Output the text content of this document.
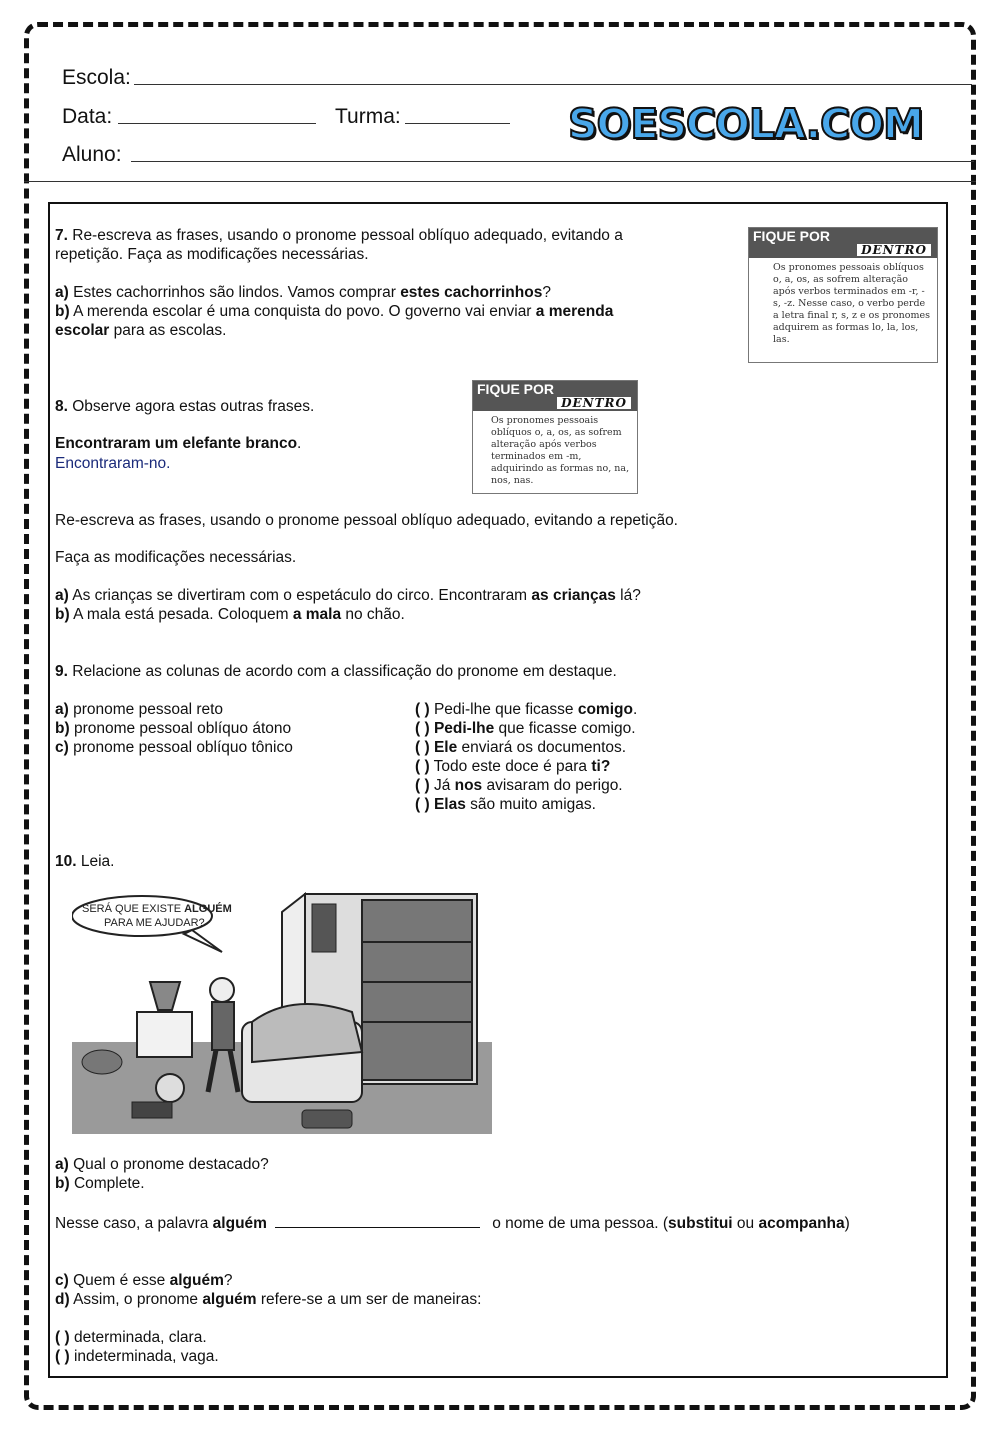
Escola:
Data:	Turma:	SOESCOLA.COM
Aluno:
7. Re-escreva as frases, usando o pronome pessoal oblíquo adequado, evitando a
repetição. Faça as modificações necessárias.
a) Estes cachorrinhos são lindos. Vamos comprar estes cachorrinhos?
b) A merenda escolar é uma conquista do povo. O governo vai enviar a merenda
escolar para as escolas.
FIQUE POR
DENTRO
Os pronomes pessoais oblíquos o, a, os, as sofrem alteração após verbos terminados em -r, -s, -z. Nesse caso, o verbo perde a letra final r, s, z e os pronomes adquirem as formas lo, la, los, las.
8. Observe agora estas outras frases.
Encontraram um elefante branco.
Encontraram-no.
FIQUE POR
DENTRO
Os pronomes pessoais oblíquos o, a, os, as sofrem alteração após verbos terminados em -m, adquirindo as formas no, na, nos, nas.
Re-escreva as frases, usando o pronome pessoal oblíquo adequado, evitando a repetição.
Faça as modificações necessárias.
a) As crianças se divertiram com o espetáculo do circo. Encontraram as crianças lá?
b) A mala está pesada. Coloquem a mala no chão.
9. Relacione as colunas de acordo com a classificação do pronome em destaque.
a) pronome pessoal reto
b) pronome pessoal oblíquo átono
c) pronome pessoal oblíquo tônico
( ) Pedi-lhe que ficasse comigo.
( ) Pedi-lhe que ficasse comigo.
( ) Ele enviará os documentos.
( ) Todo este doce é para ti?
( ) Já nos avisaram do perigo.
( ) Elas são muito amigas.
10. Leia.
SERÁ QUE EXISTE ALGUÉM
PARA ME AJUDAR?
a) Qual o pronome destacado?
b) Complete.
Nesse caso, a palavra alguém	o nome de uma pessoa. (substitui ou acompanha)
c) Quem é esse alguém?
d) Assim, o pronome alguém refere-se a um ser de maneiras:
( ) determinada, clara.
( ) indeterminada, vaga.
